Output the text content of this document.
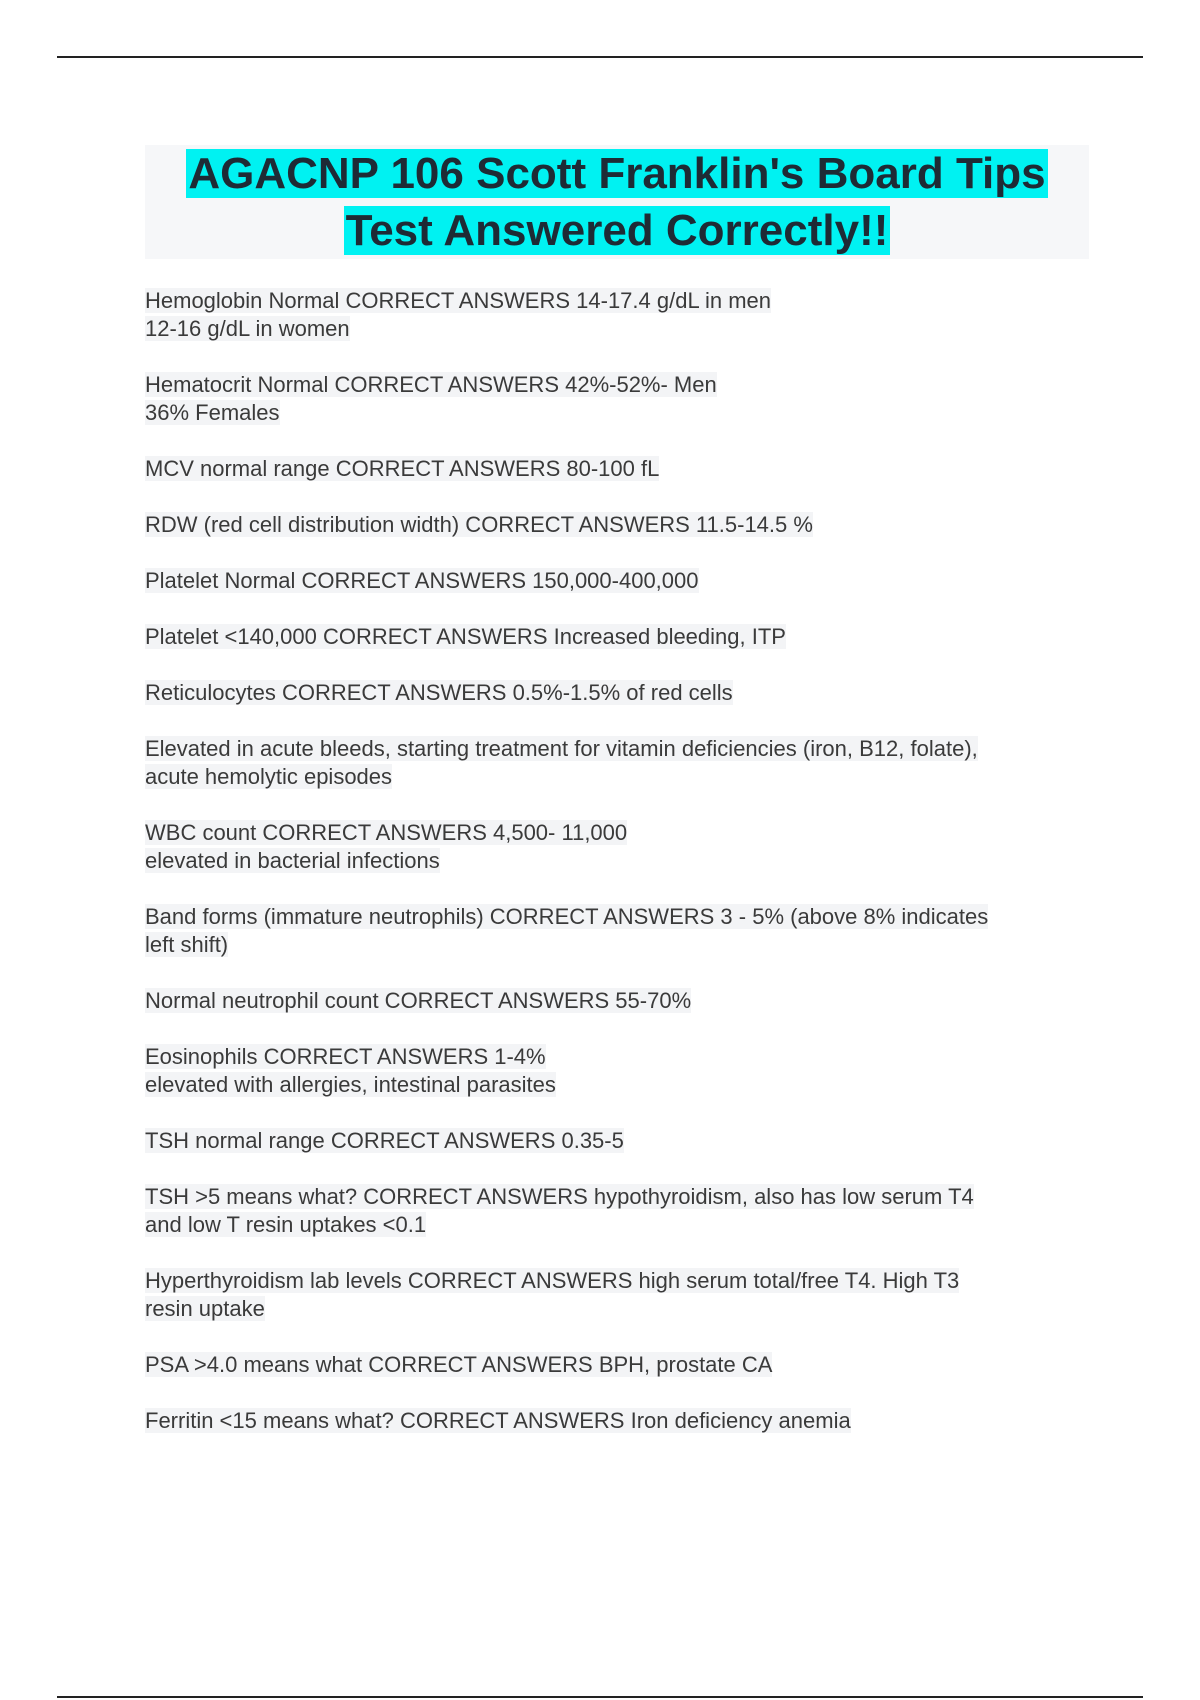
AGACNP 106 Scott Franklin's Board Tips
Test Answered Correctly!!
Hemoglobin Normal CORRECT ANSWERS 14-17.4 g/dL in men
12-16 g/dL in women
Hematocrit Normal CORRECT ANSWERS 42%-52%- Men
36% Females
MCV normal range CORRECT ANSWERS 80-100 fL
RDW (red cell distribution width) CORRECT ANSWERS 11.5-14.5 %
Platelet Normal CORRECT ANSWERS 150,000-400,000
Platelet <140,000 CORRECT ANSWERS Increased bleeding, ITP
Reticulocytes CORRECT ANSWERS 0.5%-1.5% of red cells
Elevated in acute bleeds, starting treatment for vitamin deficiencies (iron, B12, folate),
acute hemolytic episodes
WBC count CORRECT ANSWERS 4,500- 11,000
elevated in bacterial infections
Band forms (immature neutrophils) CORRECT ANSWERS 3 - 5% (above 8% indicates
left shift)
Normal neutrophil count CORRECT ANSWERS 55-70%
Eosinophils CORRECT ANSWERS 1-4%
elevated with allergies, intestinal parasites
TSH normal range CORRECT ANSWERS 0.35-5
TSH >5 means what? CORRECT ANSWERS hypothyroidism, also has low serum T4
and low T resin uptakes <0.1
Hyperthyroidism lab levels CORRECT ANSWERS high serum total/free T4. High T3
resin uptake
PSA >4.0 means what CORRECT ANSWERS BPH, prostate CA
Ferritin <15 means what? CORRECT ANSWERS Iron deficiency anemia
